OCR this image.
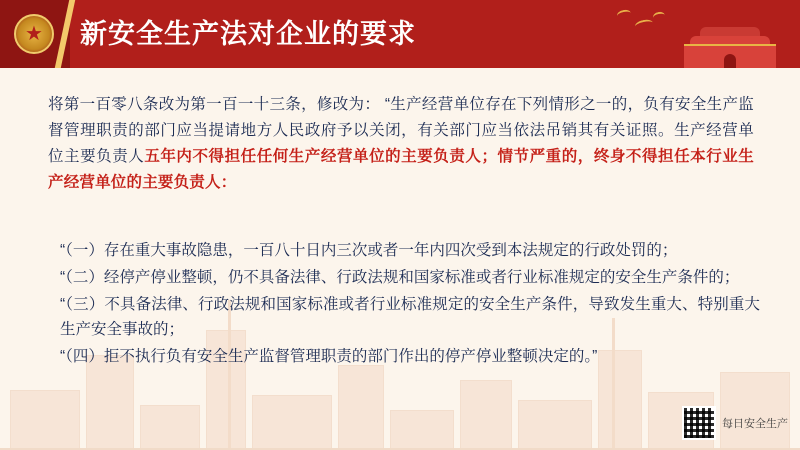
★ 新安全生产法对企业的要求
将第一百零八条改为第一百一十三条，修改为： “生产经营单位存在下列情形之一的，负有安全生产监督管理职责的部门应当提请地方人民政府予以关闭，有关部门应当依法吊销其有关证照。生产经营单位主要负责人五年内不得担任任何生产经营单位的主要负责人；情节严重的，终身不得担任本行业生产经营单位的主要负责人：
“（一）存在重大事故隐患，一百八十日内三次或者一年内四次受到本法规定的行政处罚的；
“（二）经停产停业整顿，仍不具备法律、行政法规和国家标准或者行业标准规定的安全生产条件的；
“（三）不具备法律、行政法规和国家标准或者行业标准规定的安全生产条件，导致发生重大、特别重大生产安全事故的；
“（四）拒不执行负有安全生产监督管理职责的部门作出的停产停业整顿决定的。”
每日安全生产
